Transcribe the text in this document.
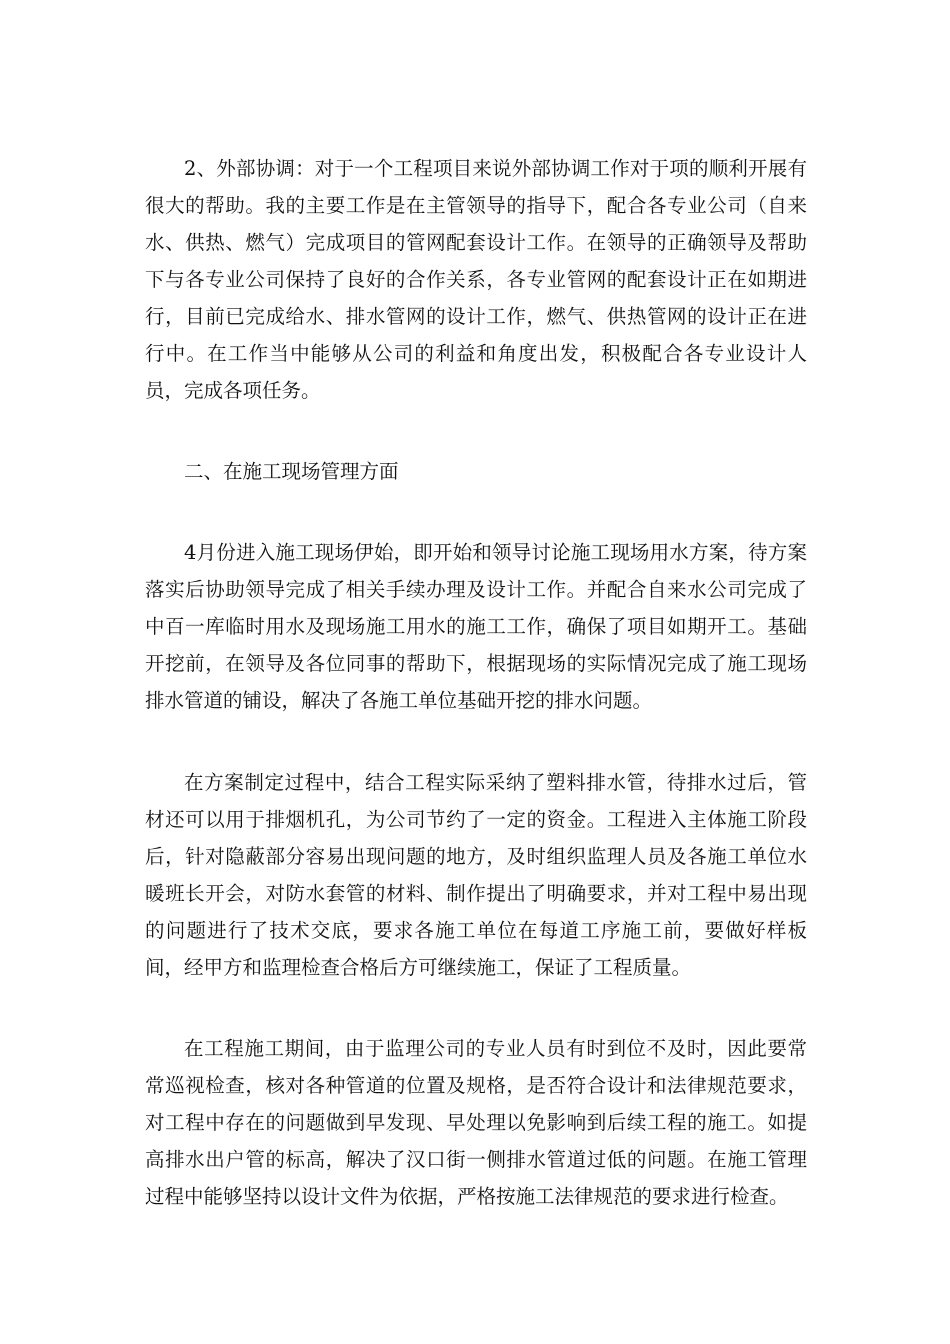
2、外部协调：对于一个工程项目来说外部协调工作对于项的顺利开展有很大的帮助。我的主要工作是在主管领导的指导下，配合各专业公司（自来水、供热、燃气）完成项目的管网配套设计工作。在领导的正确领导及帮助下与各专业公司保持了良好的合作关系，各专业管网的配套设计正在如期进行，目前已完成给水、排水管网的设计工作，燃气、供热管网的设计正在进行中。在工作当中能够从公司的利益和角度出发，积极配合各专业设计人员，完成各项任务。

二、在施工现场管理方面

4月份进入施工现场伊始，即开始和领导讨论施工现场用水方案，待方案落实后协助领导完成了相关手续办理及设计工作。并配合自来水公司完成了中百一库临时用水及现场施工用水的施工工作，确保了项目如期开工。基础开挖前，在领导及各位同事的帮助下，根据现场的实际情况完成了施工现场排水管道的铺设，解决了各施工单位基础开挖的排水问题。

在方案制定过程中，结合工程实际采纳了塑料排水管，待排水过后，管材还可以用于排烟机孔，为公司节约了一定的资金。工程进入主体施工阶段后，针对隐蔽部分容易出现问题的地方，及时组织监理人员及各施工单位水暖班长开会，对防水套管的材料、制作提出了明确要求，并对工程中易出现的问题进行了技术交底，要求各施工单位在每道工序施工前，要做好样板间，经甲方和监理检查合格后方可继续施工，保证了工程质量。

在工程施工期间，由于监理公司的专业人员有时到位不及时，因此要常常巡视检查，核对各种管道的位置及规格，是否符合设计和法律规范要求，对工程中存在的问题做到早发现、早处理以免影响到后续工程的施工。如提高排水出户管的标高，解决了汉口街一侧排水管道过低的问题。在施工管理过程中能够坚持以设计文件为依据，严格按施工法律规范的要求进行检查。
